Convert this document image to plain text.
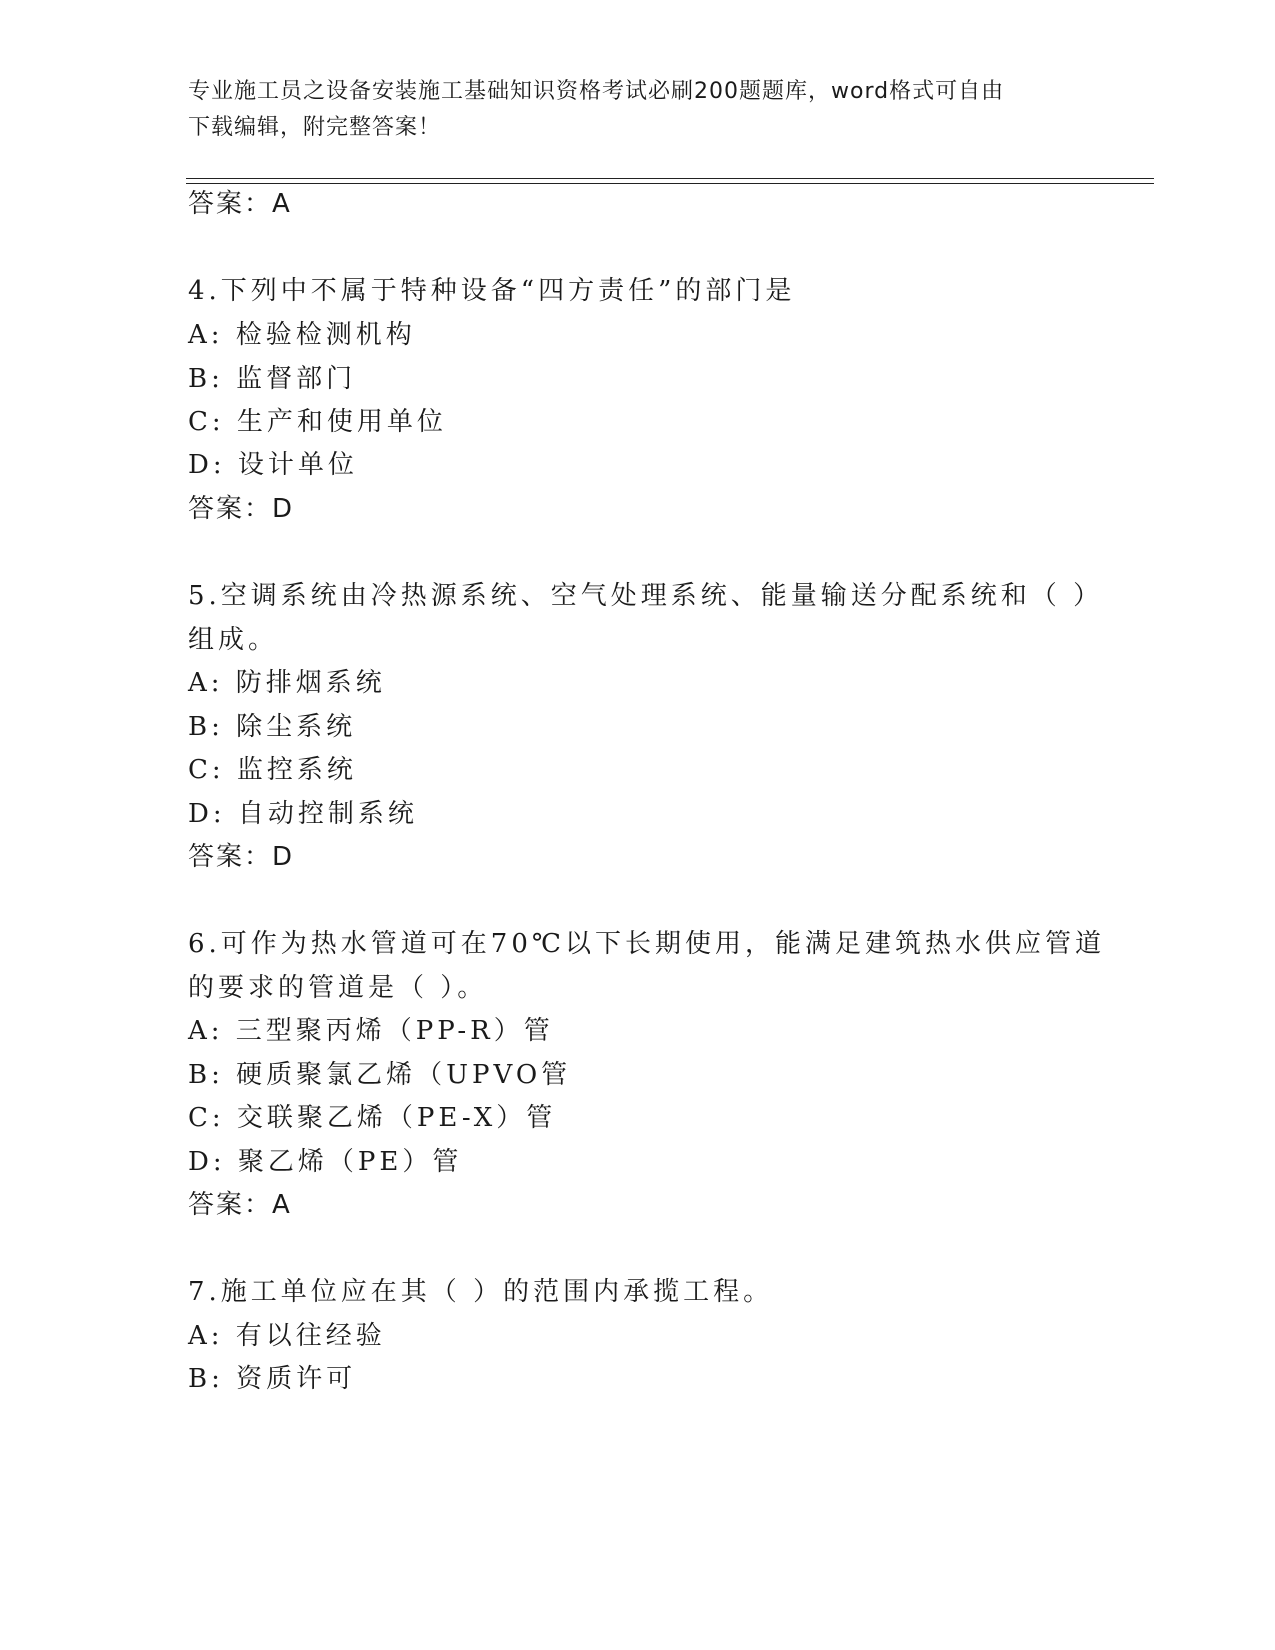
专业施工员之设备安装施工基础知识资格考试必刷200题题库，word格式可自由
下载编辑，附完整答案！
答案：A
4.下列中不属于特种设备“四方责任”的部门是
A: 检验检测机构
B: 监督部门
C: 生产和使用单位
D: 设计单位
答案：D
5.空调系统由冷热源系统、空气处理系统、能量输送分配系统和（ ）
组成。
A: 防排烟系统
B: 除尘系统
C: 监控系统
D: 自动控制系统
答案：D
6.可作为热水管道可在70℃以下长期使用，能满足建筑热水供应管道
的要求的管道是（ ）。
A: 三型聚丙烯（PP-R）管
B: 硬质聚氯乙烯（UPVO管
C: 交联聚乙烯（PE-X）管
D: 聚乙烯（PE）管
答案：A
7.施工单位应在其（ ）的范围内承揽工程。
A: 有以往经验
B: 资质许可
